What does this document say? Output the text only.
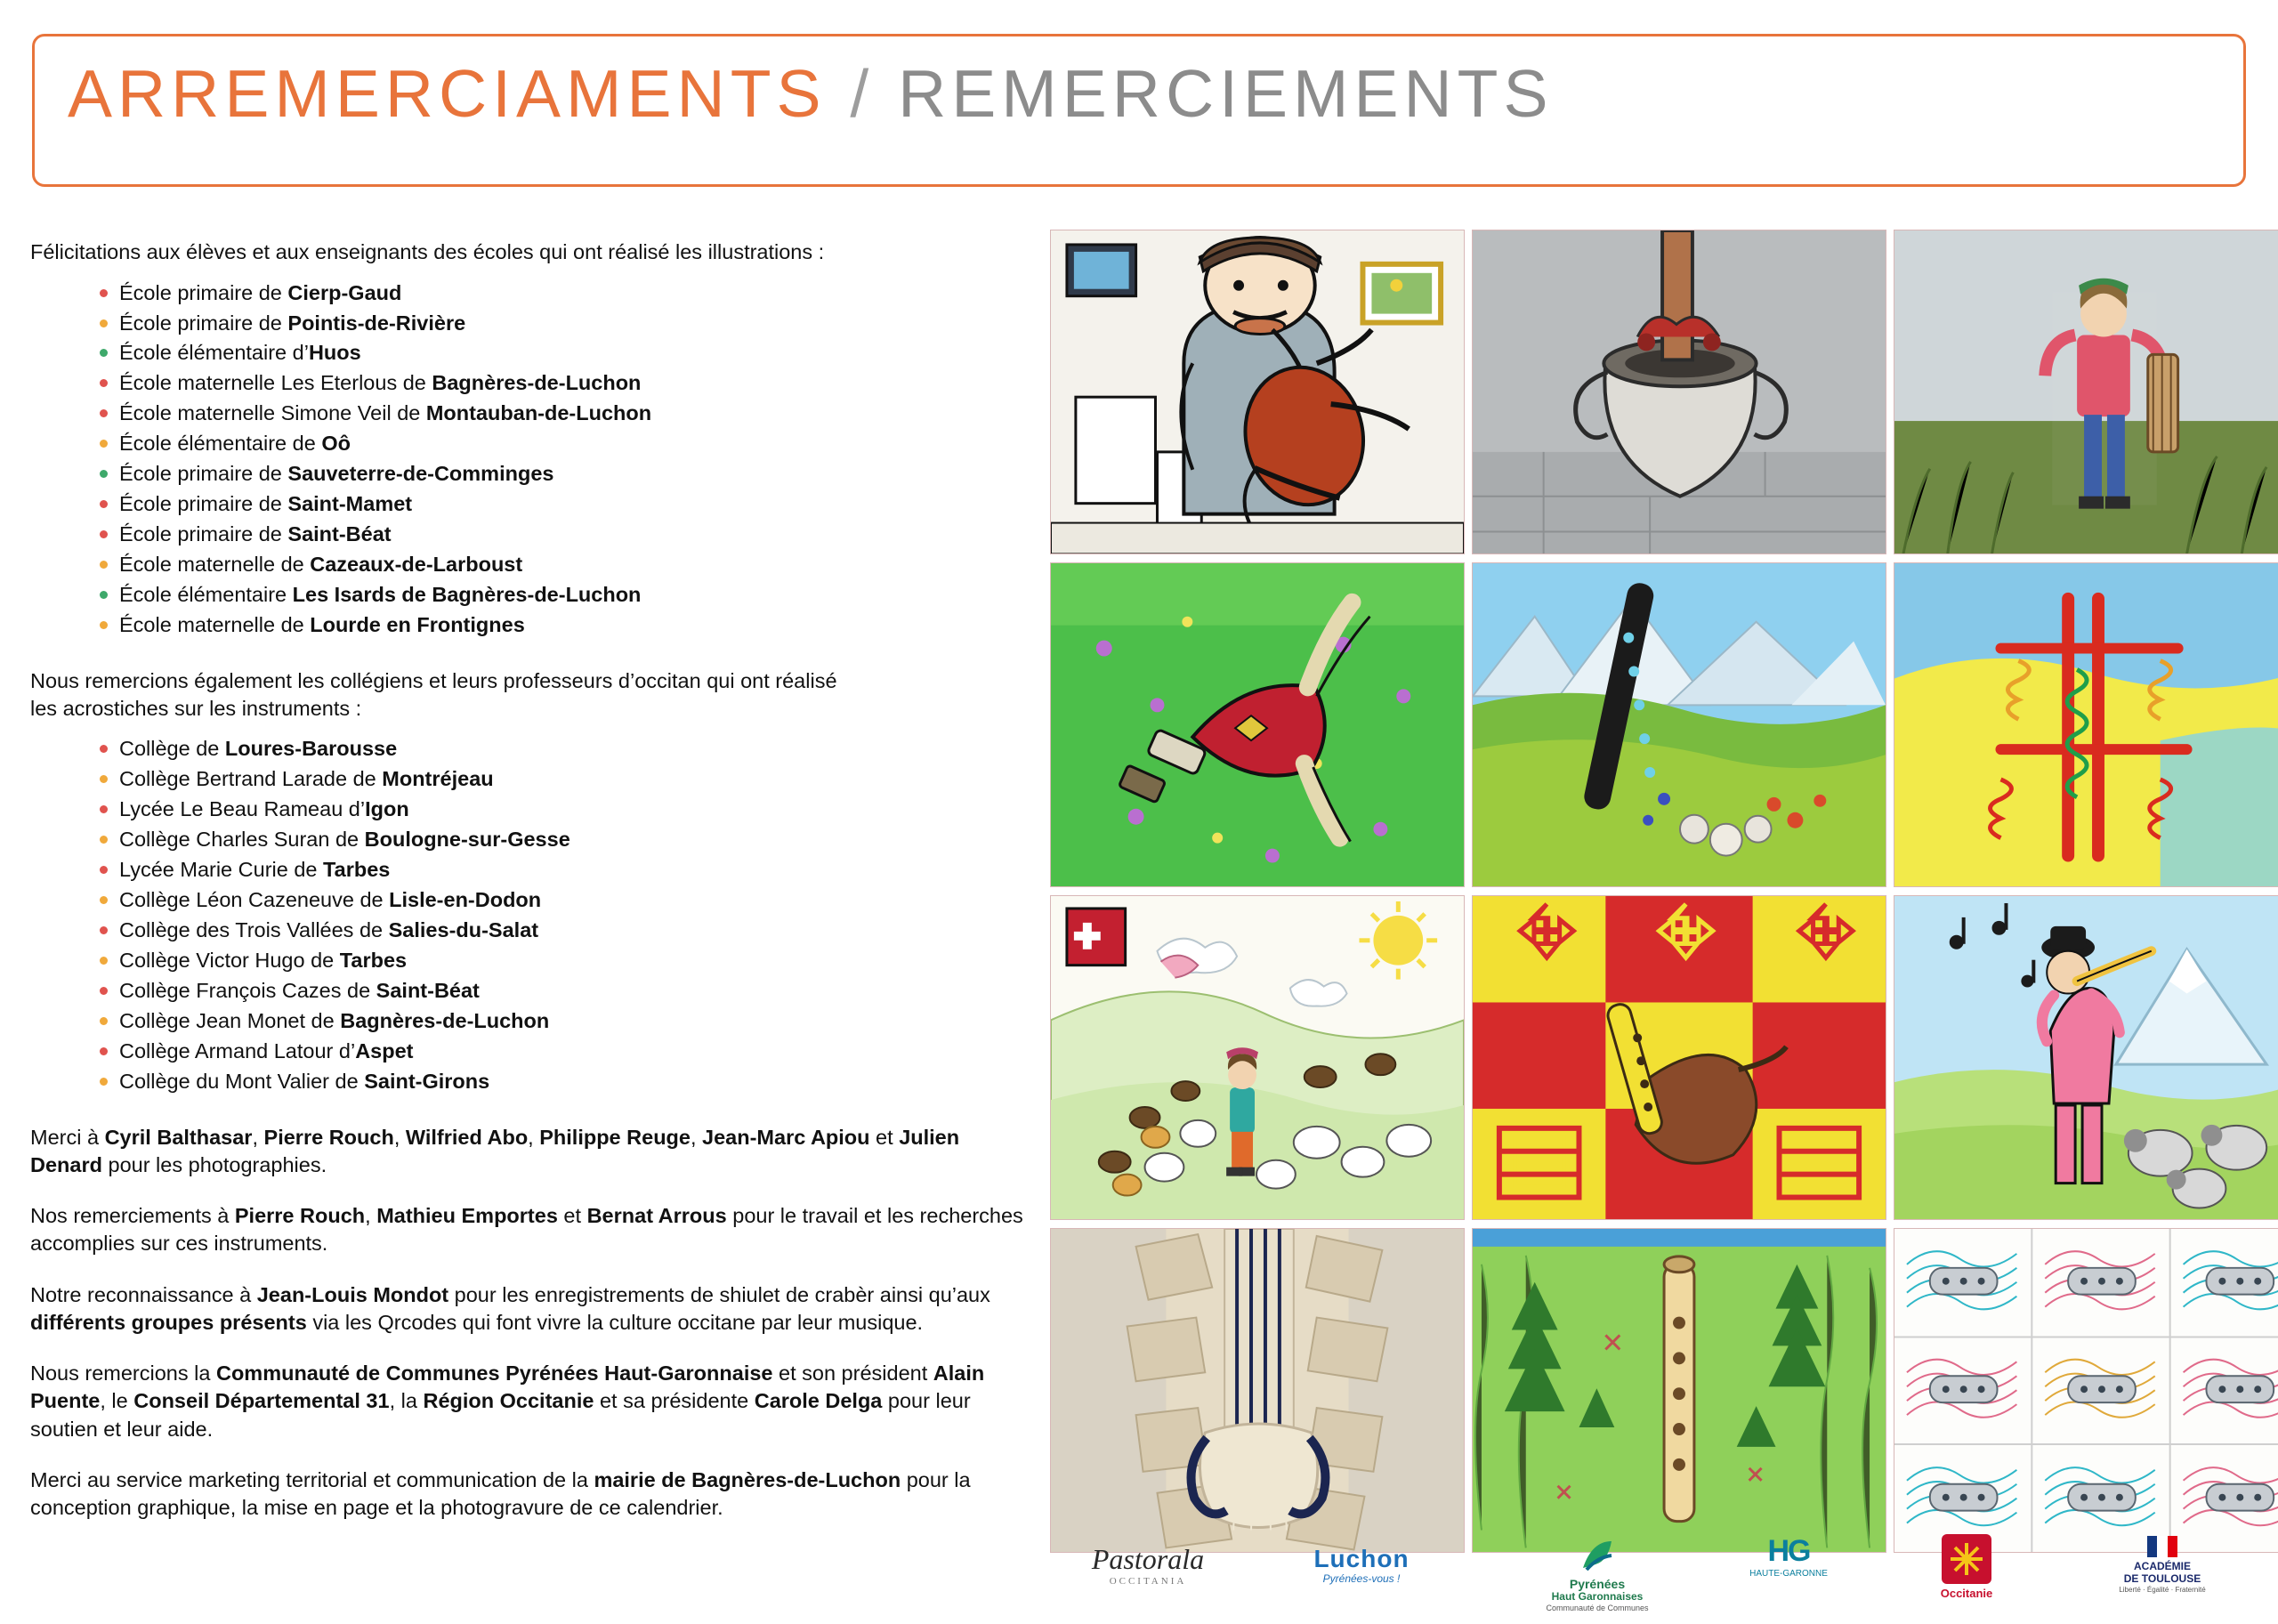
ARREMERCIAMENTS / REMERCIEMENTS

Félicitations aux élèves et aux enseignants des écoles qui ont réalisé les illustrations :

École primaire de Cierp-Gaud
École primaire de Pointis-de-Rivière
École élémentaire d’Huos
École maternelle Les Eterlous de Bagnères-de-Luchon
École maternelle Simone Veil de Montauban-de-Luchon
École élémentaire de Oô
École primaire de Sauveterre-de-Comminges
École primaire de Saint-Mamet
École primaire de Saint-Béat
École maternelle de Cazeaux-de-Larboust
École élémentaire Les Isards de Bagnères-de-Luchon
École maternelle de Lourde en Frontignes

Nous remercions également les collégiens et leurs professeurs d’occitan qui ont réalisé

les acrostiches sur les instruments :

Collège de Loures-Barousse
Collège Bertrand Larade de Montréjeau
Lycée Le Beau Rameau d’Igon
Collège Charles Suran de Boulogne-sur-Gesse
Lycée Marie Curie de Tarbes
Collège Léon Cazeneuve de Lisle-en-Dodon
Collège des Trois Vallées de Salies-du-Salat
Collège Victor Hugo de Tarbes
Collège François Cazes de Saint-Béat
Collège Jean Monet de Bagnères-de-Luchon
Collège Armand Latour d’Aspet
Collège du Mont Valier de Saint-Girons

Merci à Cyril Balthasar, Pierre Rouch, Wilfried Abo, Philippe Reuge, Jean-Marc Apiou et Julien Denard pour les photographies.

Nos remerciements à Pierre Rouch, Mathieu Emportes et Bernat Arrous pour le travail et les recherches accomplies sur ces instruments.

Notre reconnaissance à Jean-Louis Mondot pour les enregistrements de shiulet de crabèr ainsi qu’aux différents groupes présents via les Qrcodes qui font vivre la culture occitane par leur musique.

Nous remercions la Communauté de Communes Pyrénées Haut-Garonnaise et son président Alain Puente, le Conseil Départemental 31, la Région Occitanie et sa présidente Carole Delga pour leur soutien et leur aide.

Merci au service marketing territorial et communication de la mairie de Bagnères-de-Luchon pour la conception graphique, la mise en page et la photogravure de ce calendrier.

Pastorala
OCCITANIA
Luchon
Pyrénées-vous !	Pyrénées
Haut Garonnaises
Communauté de Communes
HG
HAUTE-GARONNE
Occitanie
ACADÉMIE
DE TOULOUSE
Liberté · Égalité · Fraternité
